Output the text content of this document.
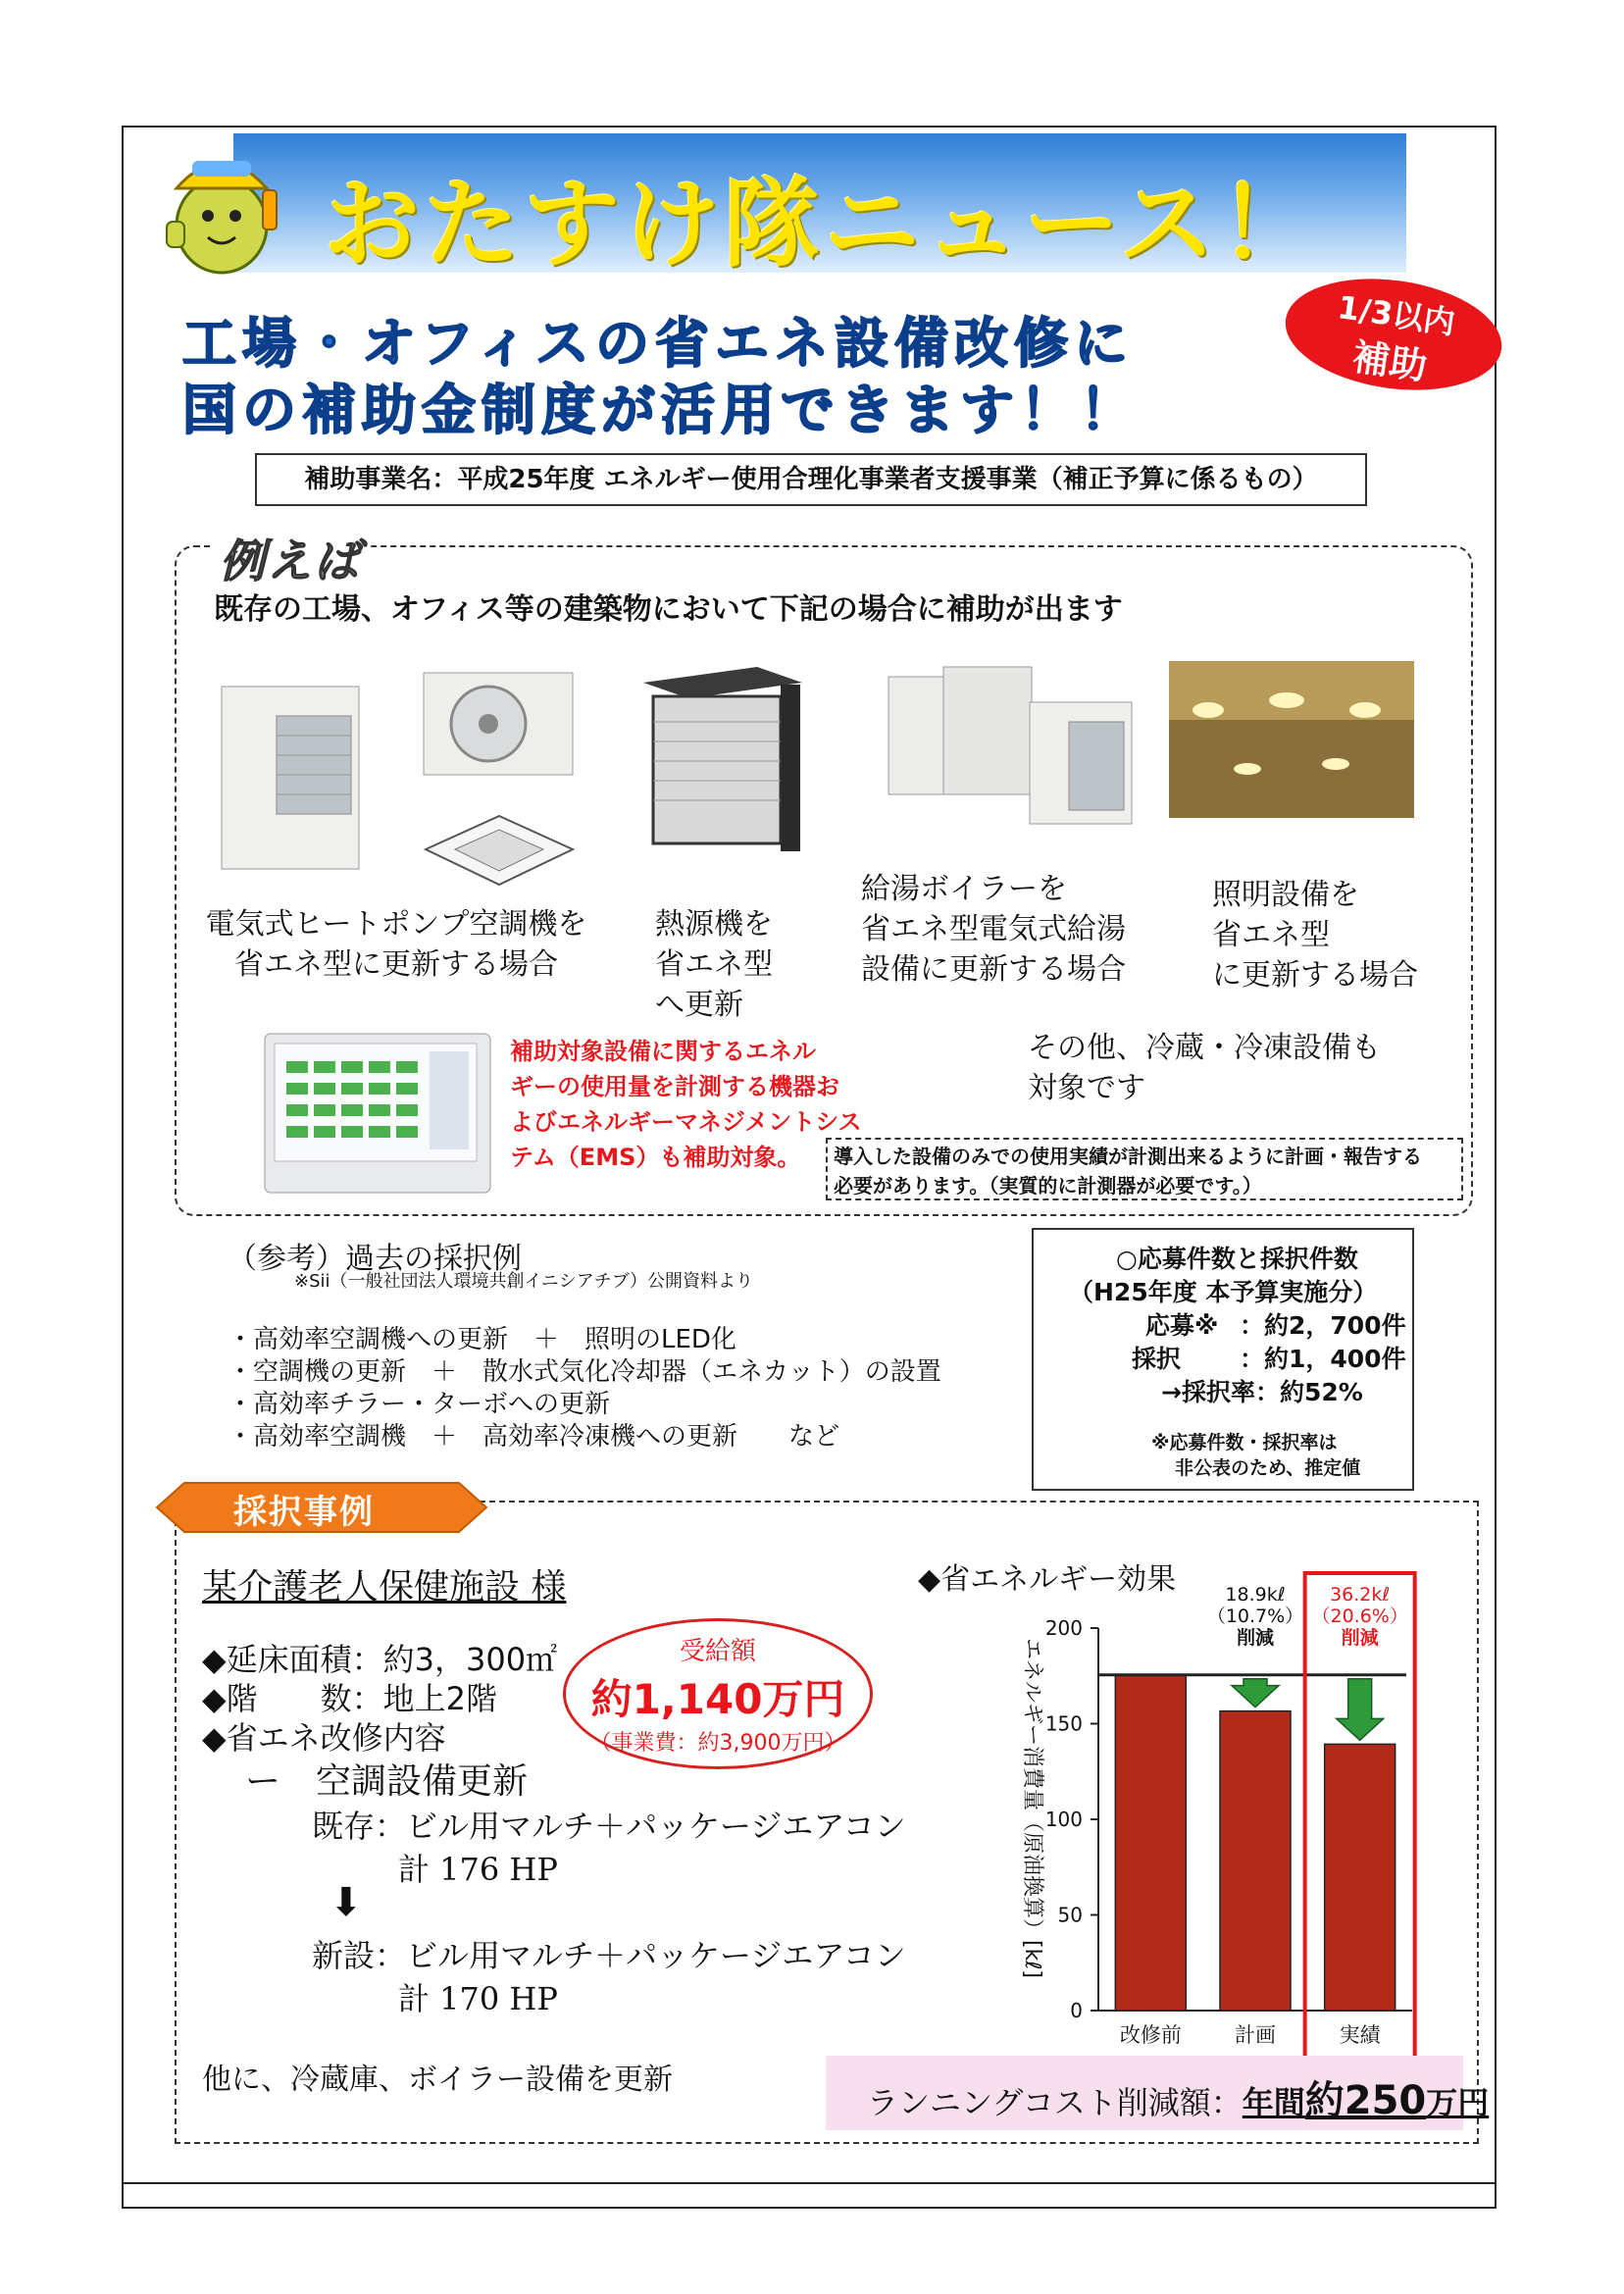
おたすけ隊ニュース！
工場・オフィスの省エネ設備改修に
国の補助金制度が活用できます！！
1/3以内
補助
補助事業名：平成25年度 エネルギー使用合理化事業者支援事業（補正予算に係るもの）
例えば
既存の工場、オフィス等の建築物において下記の場合に補助が出ます
電気式ヒートポンプ空調機を
省エネ型に更新する場合
熱源機を
省エネ型
へ更新
給湯ボイラーを
省エネ型電気式給湯
設備に更新する場合
照明設備を
省エネ型
に更新する場合
補助対象設備に関するエネル
ギーの使用量を計測する機器お
よびエネルギーマネジメントシス
テム（EMS）も補助対象。
その他、冷蔵・冷凍設備も
対象です
導入した設備のみでの使用実績が計測出来るように計画・報告する
必要があります。（実質的に計測器が必要です。）
（参考）過去の採択例
※Sii（一般社団法人環境共創イニシアチブ）公開資料より
・高効率空調機への更新　＋　照明のLED化
・空調機の更新　＋　散水式気化冷却器（エネカット）の設置
・高効率チラー・ターボへの更新
・高効率空調機　＋　高効率冷凍機への更新　　など
○応募件数と採択件数
（H25年度 本予算実施分）
応募※ ：約2，700件
採択 ：約1，400件
→採択率：約52%
※応募件数・採択率は
非公表のため、推定値
採択事例
某介護老人保健施設 様
◆延床面積：約3，300㎡
◆階　　数：地上2階
◆省エネ改修内容
ー　空調設備更新
既存：ビル用マルチ＋パッケージエアコン
計 176 HP
⬇
新設：ビル用マルチ＋パッケージエアコン
計 170 HP
他に、冷蔵庫、ボイラー設備を更新
受給額
約1,140万円
（事業費：約3,900万円）
◆省エネルギー効果
エネルギー消費量（原油換算）[kℓ]
0
50
100
150
200
改修前	計画	実績
18.9kℓ
（10.7%）
削減
36.2kℓ
（20.6%）
削減
ランニングコスト削減額：年間約250万円
